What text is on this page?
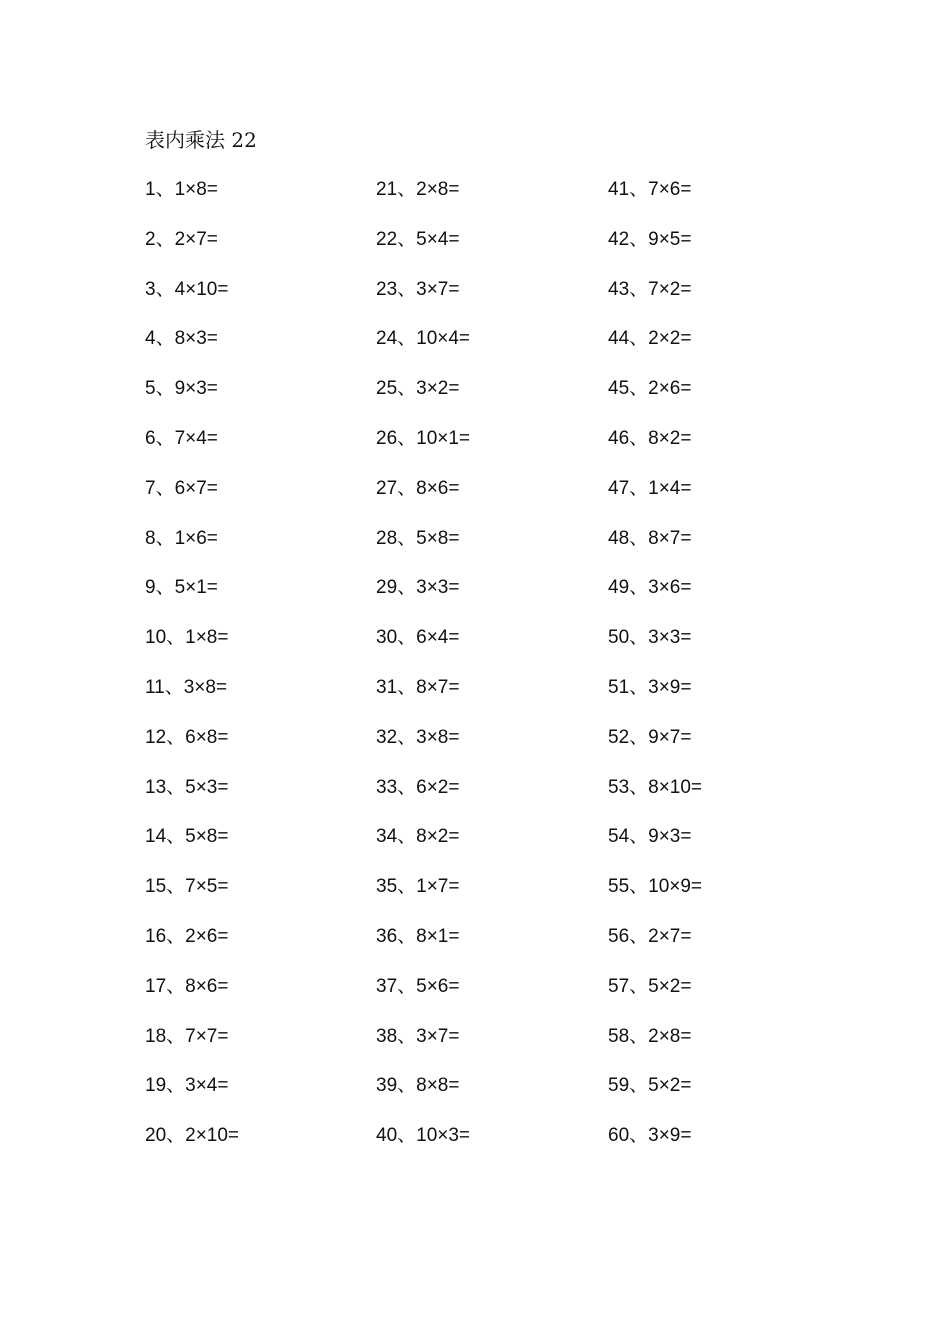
表内乘法 22
1、1×8=
2、2×7=
3、4×10=
4、8×3=
5、9×3=
6、7×4=
7、6×7=
8、1×6=
9、5×1=
10、1×8=
11、3×8=
12、6×8=
13、5×3=
14、5×8=
15、7×5=
16、2×6=
17、8×6=
18、7×7=
19、3×4=
20、2×10=
21、2×8=
22、5×4=
23、3×7=
24、10×4=
25、3×2=
26、10×1=
27、8×6=
28、5×8=
29、3×3=
30、6×4=
31、8×7=
32、3×8=
33、6×2=
34、8×2=
35、1×7=
36、8×1=
37、5×6=
38、3×7=
39、8×8=
40、10×3=
41、7×6=
42、9×5=
43、7×2=
44、2×2=
45、2×6=
46、8×2=
47、1×4=
48、8×7=
49、3×6=
50、3×3=
51、3×9=
52、9×7=
53、8×10=
54、9×3=
55、10×9=
56、2×7=
57、5×2=
58、2×8=
59、5×2=
60、3×9=
